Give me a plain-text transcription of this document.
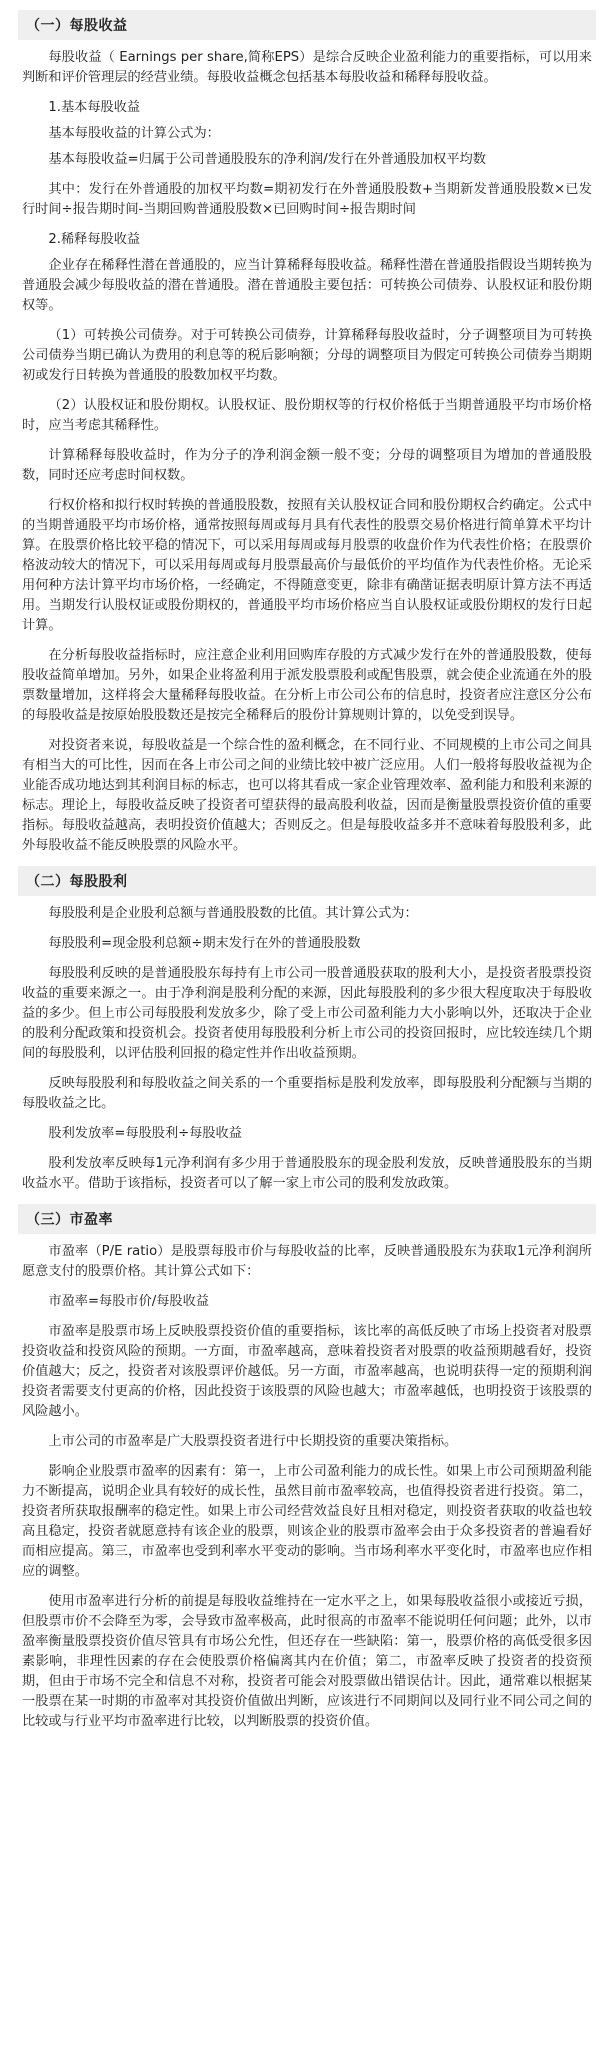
（一）每股收益

每股收益（ Earnings per share,简称EPS）是综合反映企业盈利能力的重要指标，可以用来判断和评价管理层的经营业绩。每股收益概念包括基本每股收益和稀释每股收益。

1.基本每股收益

基本每股收益的计算公式为：

基本每股收益=归属于公司普通股股东的净利润/发行在外普通股加权平均数

其中：发行在外普通股的加权平均数=期初发行在外普通股股数+当期新发普通股股数×已发行时间÷报告期时间-当期回购普通股股数×已回购时间÷报告期时间

2.稀释每股收益

企业存在稀释性潜在普通股的，应当计算稀释每股收益。稀释性潜在普通股指假设当期转换为普通股会减少每股收益的潜在普通股。潜在普通股主要包括：可转换公司债券、认股权证和股份期权等。

（1）可转换公司债券。对于可转换公司债券，计算稀释每股收益时，分子调整项目为可转换公司债券当期已确认为费用的利息等的税后影响额；分母的调整项目为假定可转换公司债券当期期初或发行日转换为普通股的股数加权平均数。

（2）认股权证和股份期权。认股权证、股份期权等的行权价格低于当期普通股平均市场价格时，应当考虑其稀释性。

计算稀释每股收益时，作为分子的净利润金额一般不变；分母的调整项目为增加的普通股股数，同时还应考虑时间权数。

行权价格和拟行权时转换的普通股股数，按照有关认股权证合同和股份期权合约确定。公式中的当期普通股平均市场价格，通常按照每周或每月具有代表性的股票交易价格进行简单算术平均计算。在股票价格比较平稳的情况下，可以采用每周或每月股票的收盘价作为代表性价格；在股票价格波动较大的情况下，可以采用每周或每月股票最高价与最低价的平均值作为代表性价格。无论采用何种方法计算平均市场价格，一经确定，不得随意变更，除非有确凿证据表明原计算方法不再适用。当期发行认股权证或股份期权的，普通股平均市场价格应当自认股权证或股份期权的发行日起计算。

在分析每股收益指标时，应注意企业利用回购库存股的方式减少发行在外的普通股股数，使每股收益简单增加。另外，如果企业将盈利用于派发股票股利或配售股票，就会使企业流通在外的股票数量增加，这样将会大量稀释每股收益。在分析上市公司公布的信息时，投资者应注意区分公布的每股收益是按原始股股数还是按完全稀释后的股份计算规则计算的，以免受到误导。

对投资者来说，每股收益是一个综合性的盈利概念，在不同行业、不同规模的上市公司之间具有相当大的可比性，因而在各上市公司之间的业绩比较中被广泛应用。人们一般将每股收益视为企业能否成功地达到其利润目标的标志，也可以将其看成一家企业管理效率、盈利能力和股利来源的标志。理论上，每股收益反映了投资者可望获得的最高股利收益，因而是衡量股票投资价值的重要指标。每股收益越高，表明投资价值越大；否则反之。但是每股收益多并不意味着每股股利多，此外每股收益不能反映股票的风险水平。

（二）每股股利

每股股利是企业股利总额与普通股股数的比值。其计算公式为：

每股股利=现金股利总额÷期末发行在外的普通股股数

每股股利反映的是普通股股东每持有上市公司一股普通股获取的股利大小，是投资者股票投资收益的重要来源之一。由于净利润是股利分配的来源，因此每股股利的多少很大程度取决于每股收益的多少。但上市公司每股股利发放多少，除了受上市公司盈利能力大小影响以外，还取决于企业的股利分配政策和投资机会。投资者使用每股股利分析上市公司的投资回报时，应比较连续几个期间的每股股利，以评估股利回报的稳定性并作出收益预期。

反映每股股利和每股收益之间关系的一个重要指标是股利发放率，即每股股利分配额与当期的每股收益之比。

股利发放率=每股股利÷每股收益

股利发放率反映每1元净利润有多少用于普通股股东的现金股利发放，反映普通股股东的当期收益水平。借助于该指标，投资者可以了解一家上市公司的股利发放政策。

（三）市盈率

市盈率（P/E ratio）是股票每股市价与每股收益的比率，反映普通股股东为获取1元净利润所愿意支付的股票价格。其计算公式如下：

市盈率=每股市价/每股收益

市盈率是股票市场上反映股票投资价值的重要指标，该比率的高低反映了市场上投资者对股票投资收益和投资风险的预期。一方面，市盈率越高，意味着投资者对股票的收益预期越看好，投资价值越大；反之，投资者对该股票评价越低。另一方面，市盈率越高，也说明获得一定的预期利润投资者需要支付更高的价格，因此投资于该股票的风险也越大；市盈率越低，也明投资于该股票的风险越小。

上市公司的市盈率是广大股票投资者进行中长期投资的重要决策指标。

影响企业股票市盈率的因素有：第一，上市公司盈利能力的成长性。如果上市公司预期盈利能力不断提高，说明企业具有较好的成长性，虽然目前市盈率较高，也值得投资者进行投资。第二，投资者所获取报酬率的稳定性。如果上市公司经营效益良好且相对稳定，则投资者获取的收益也较高且稳定，投资者就愿意持有该企业的股票，则该企业的股票市盈率会由于众多投资者的普遍看好而相应提高。第三，市盈率也受到利率水平变动的影响。当市场利率水平变化时，市盈率也应作相应的调整。

使用市盈率进行分析的前提是每股收益维持在一定水平之上，如果每股收益很小或接近亏损，但股票市价不会降至为零，会导致市盈率极高，此时很高的市盈率不能说明任何问题；此外，以市盈率衡量股票投资价值尽管具有市场公允性，但还存在一些缺陷：第一，股票价格的高低受很多因素影响，非理性因素的存在会使股票价格偏离其内在价值；第二，市盈率反映了投资者的投资预期，但由于市场不完全和信息不对称，投资者可能会对股票做出错误估计。因此，通常难以根据某一股票在某一时期的市盈率对其投资价值做出判断，应该进行不同期间以及同行业不同公司之间的比较或与行业平均市盈率进行比较，以判断股票的投资价值。
